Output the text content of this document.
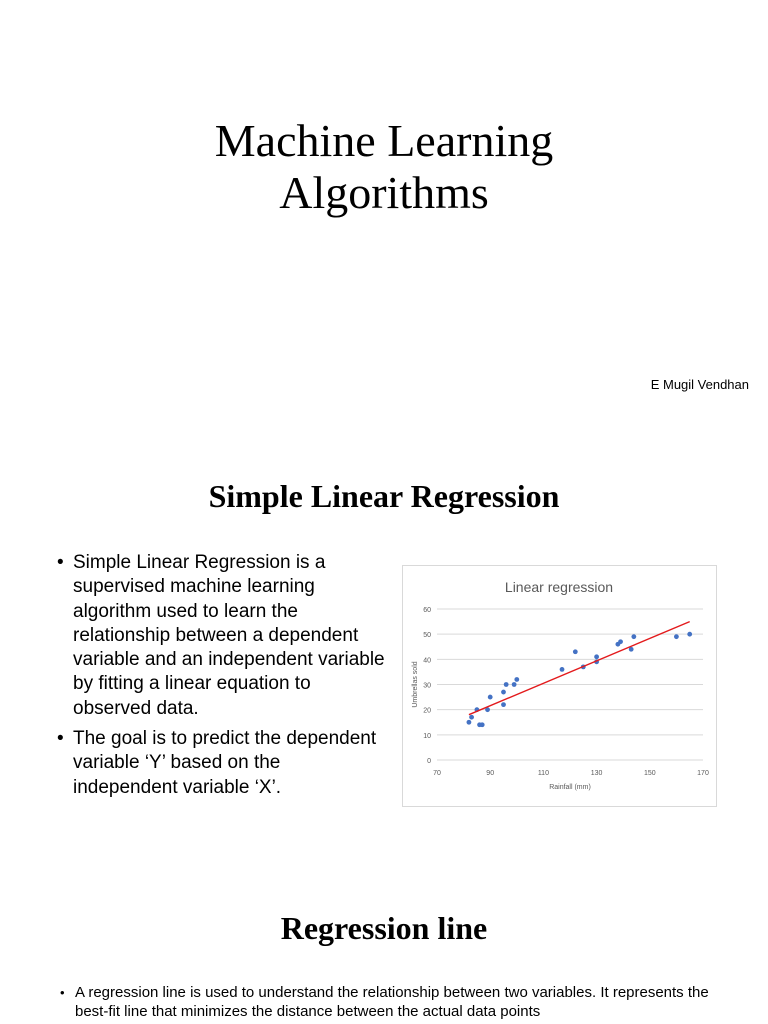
Machine Learning
Algorithms
E Mugil Vendhan
Simple Linear Regression
• Simple Linear Regression is a supervised machine learning algorithm used to learn the relationship between a dependent variable and an independent variable by fitting a linear equation to observed data.
• The goal is to predict the dependent variable ‘Y’ based on the independent variable ‘X’.
Linear regression
0
10
20
30
40
50
60
70	90	110	130	150	170
Rainfall (mm)
Umbrellas sold
Regression line
• A regression line is used to understand the relationship between two variables. It represents the best-fit line that minimizes the distance between the actual data points
